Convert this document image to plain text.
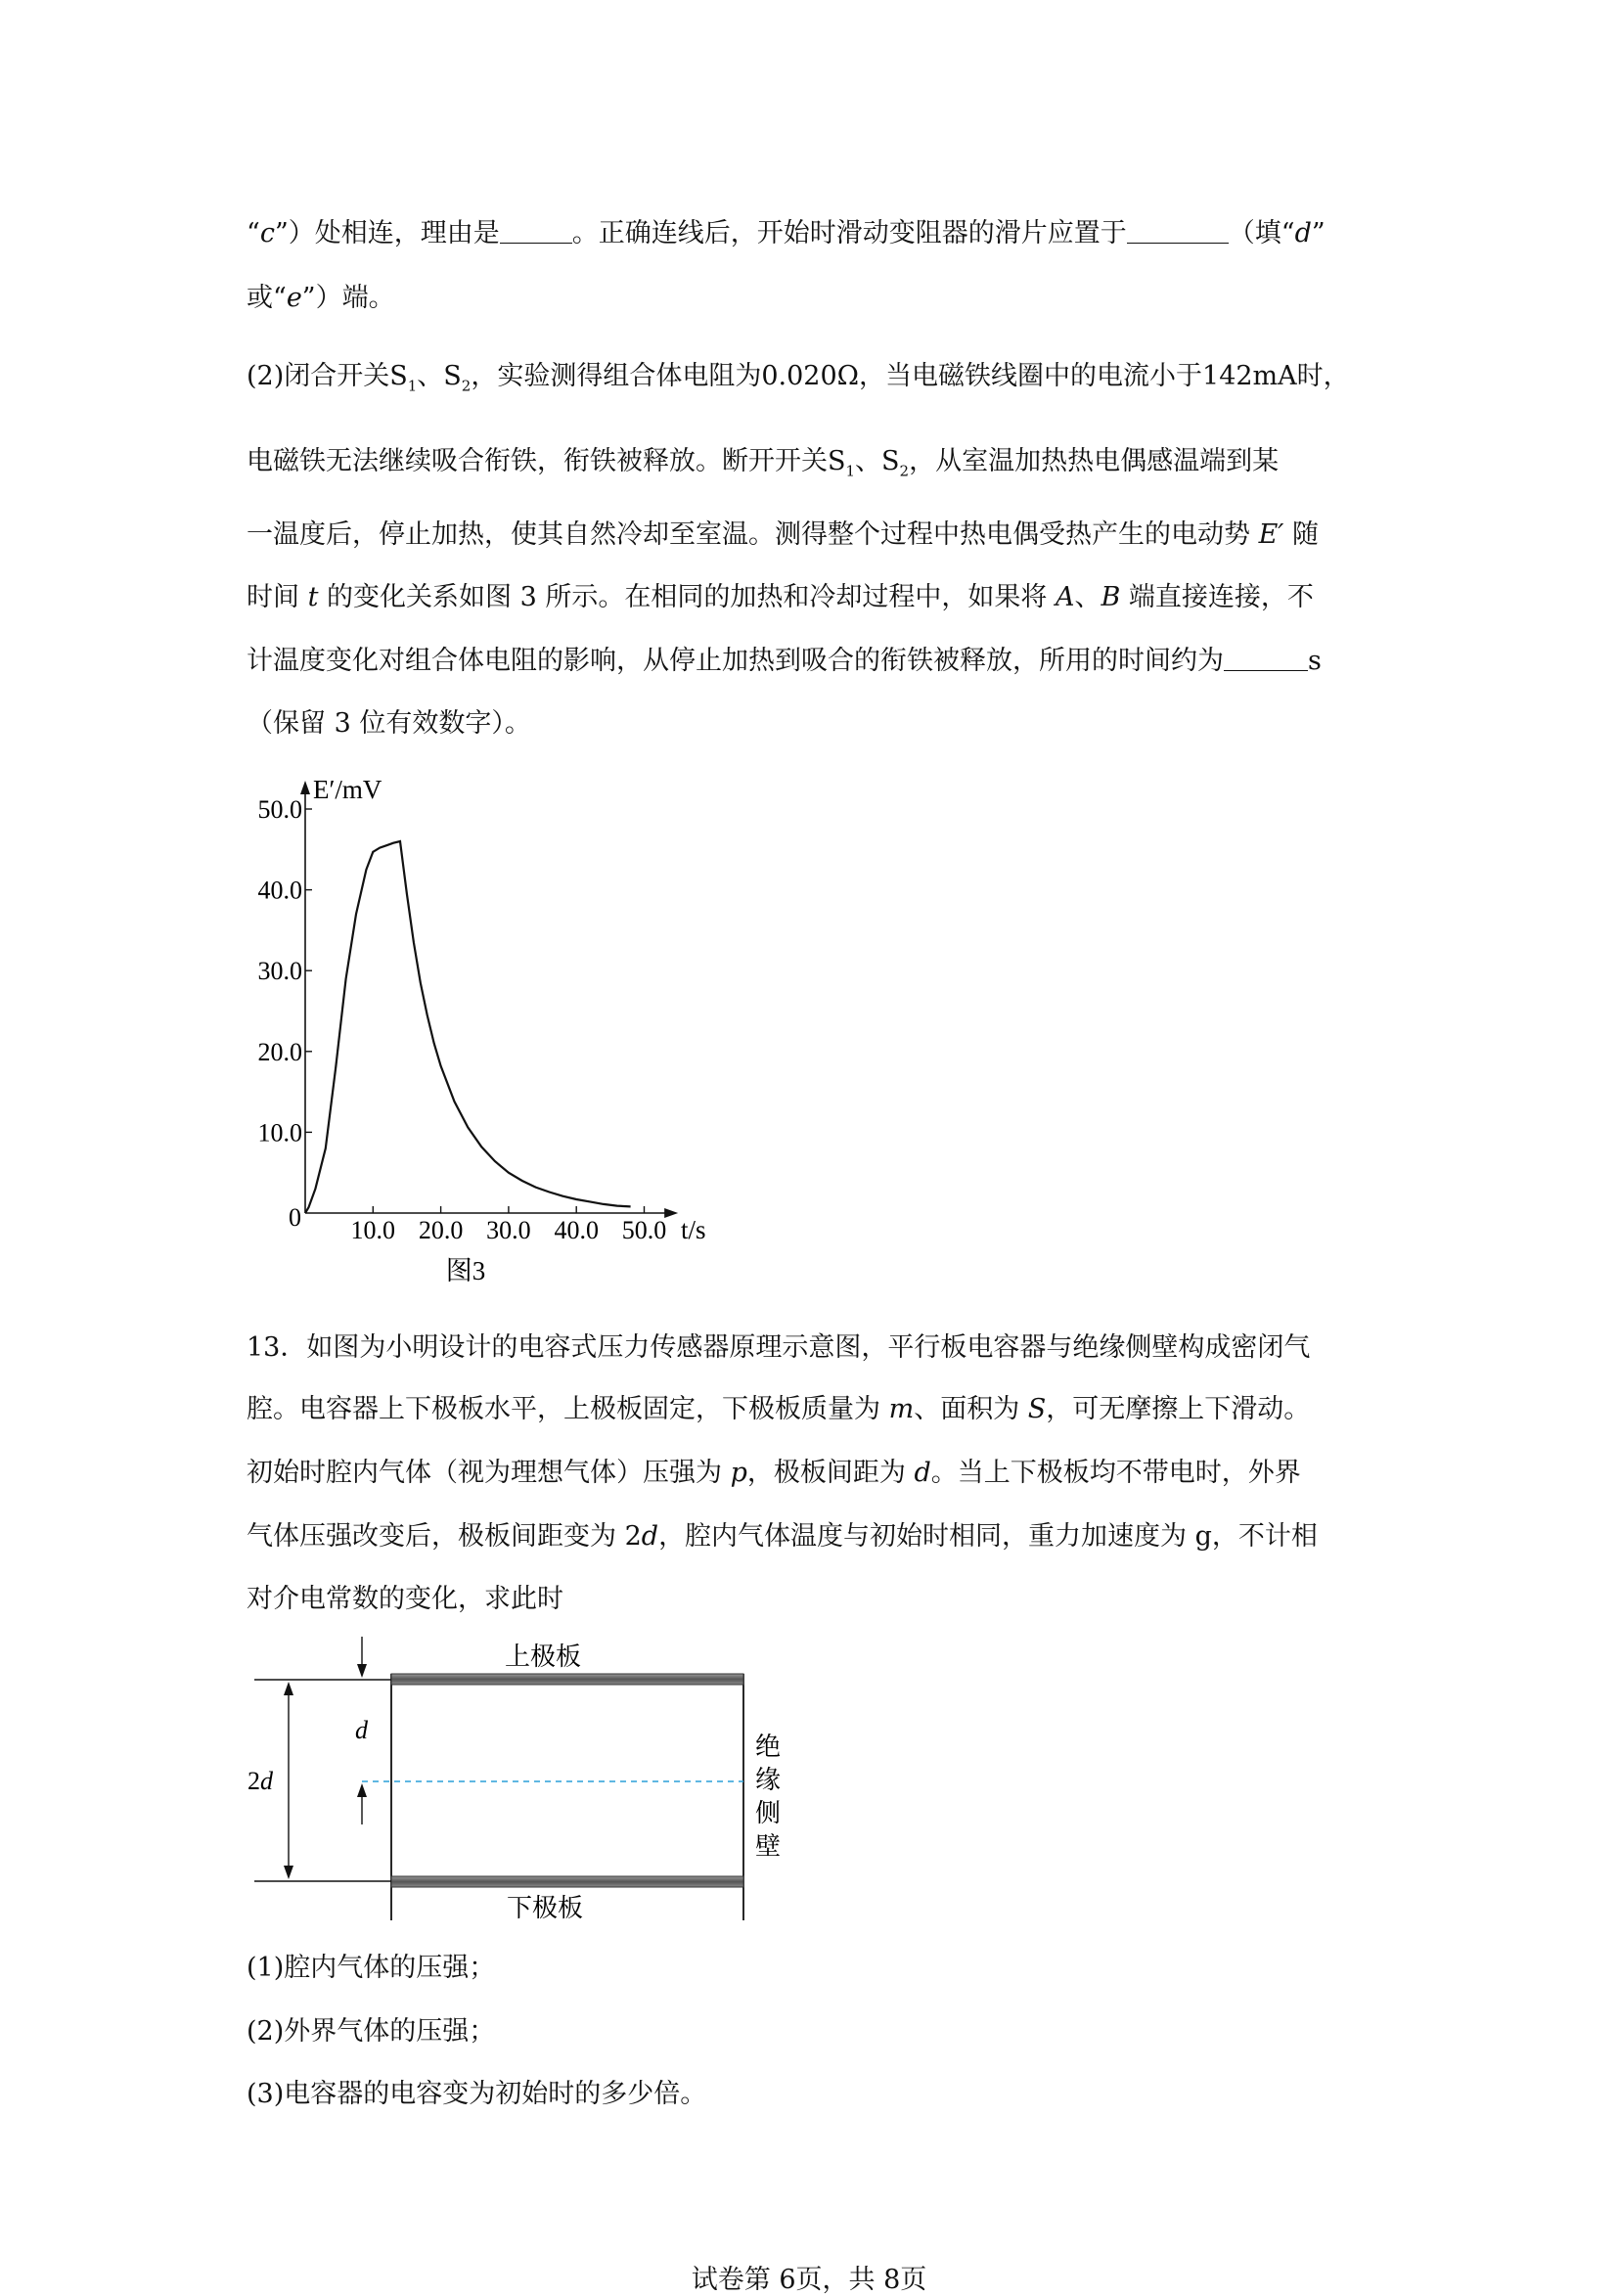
“c”）处相连，理由是	。正确连线后，开始时滑动变阻器的滑片应置于	（填“d”
或“e”）端。
(2)闭合开关$S_1$、$S_2$，实验测得组合体电阻为0.020Ω，当电磁铁线圈中的电流小于142mA时，
电磁铁无法继续吸合衔铁，衔铁被释放。断开开关$S_1$、$S_2$，从室温加热热电偶感温端到某
一温度后，停止加热，使其自然冷却至室温。测得整个过程中热电偶受热产生的电动势 E′ 随
时间 t 的变化关系如图 3 所示。在相同的加热和冷却过程中，如果将 A、B 端直接连接，不
计温度变化对组合体电阻的影响，从停止加热到吸合的衔铁被释放，所用的时间约为	s
（保留 3 位有效数字）。
10.0
20.0
30.0
40.0
50.0
10.0 20.0 30.0 40.0 50.0
E′/mV
t/s
0
图3
13．如图为小明设计的电容式压力传感器原理示意图，平行板电容器与绝缘侧壁构成密闭气
腔。电容器上下极板水平，上极板固定，下极板质量为 m、面积为 S，可无摩擦上下滑动。
初始时腔内气体（视为理想气体）压强为 p，极板间距为 d。当上下极板均不带电时，外界
气体压强改变后，极板间距变为 2d，腔内气体温度与初始时相同，重力加速度为 g，不计相
对介电常数的变化，求此时
上极板
下极板
d
2d
绝
缘
侧
壁
(1)腔内气体的压强；
(2)外界气体的压强；
(3)电容器的电容变为初始时的多少倍。
试卷第 6页，共 8页
